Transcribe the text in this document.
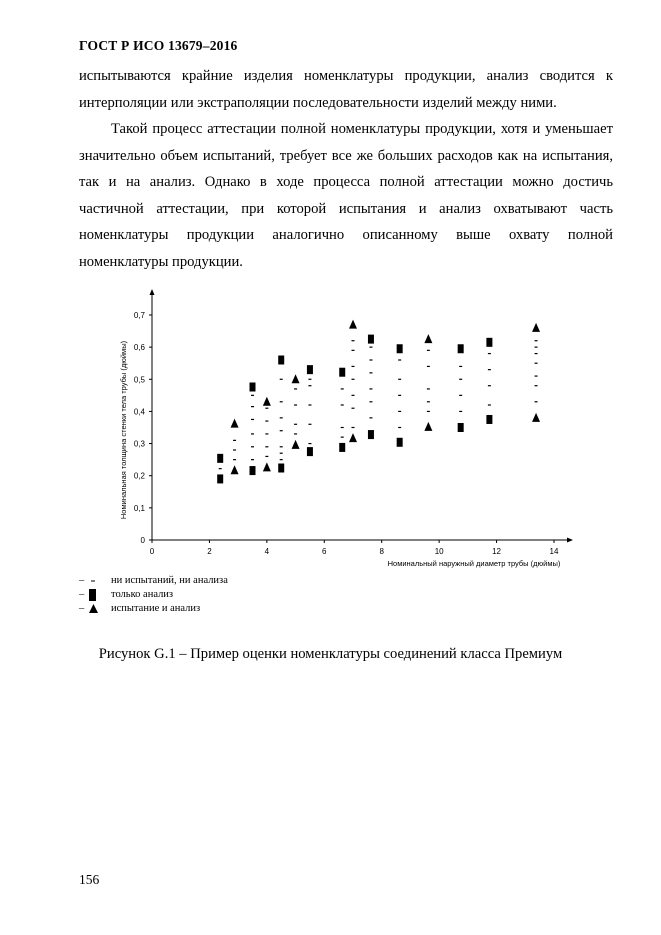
ГОСТ Р ИСО 13679–2016

испытываются крайние изделия номенклатуры продукции, анализ сводится к интерполяции или экстраполяции последовательности изделий между ними.

Такой процесс аттестации полной номенклатуры продукции, хотя и уменьшает значительно объем испытаний, требует все же больших расходов как на испытания, так и на анализ. Однако в ходе процесса полной аттестации можно достичь частичной аттестации, при которой испытания и анализ охватывают часть номенклатуры продукции аналогично описанному выше охвату полной номенклатуры продукции.

0	2	4	6	8	10	12	14
0
0,1
0,2
0,3
0,4
0,5
0,6
0,7
Номинальный наружный диаметр трубы (дюймы)
Номинальная толщина стенки тела трубы (дюймы)
–	ни испытаний, ни анализа
–	только анализ
–	испытание и анализ
Рисунок G.1 – Пример оценки номенклатуры соединений класса Премиум
156
